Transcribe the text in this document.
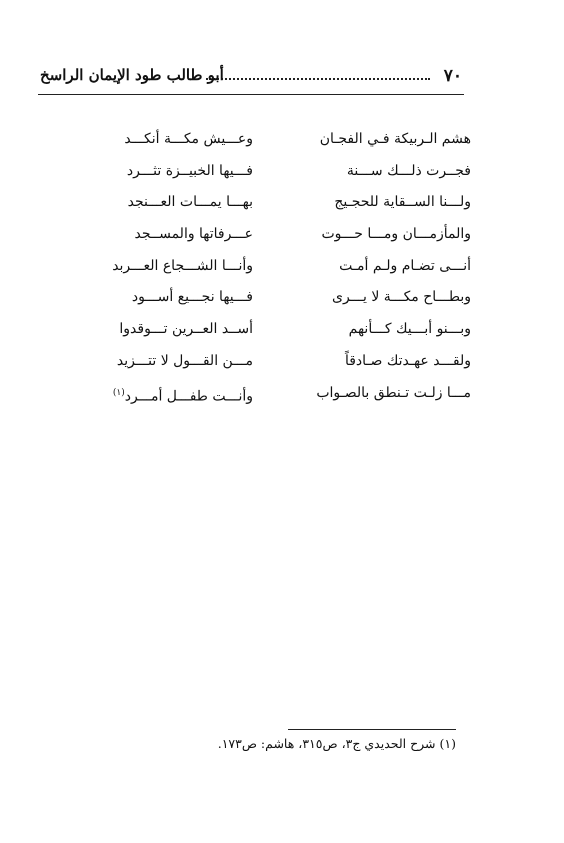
٧٠
أبو طالب طود الإيمان الراسخ
هشم الـربيكة فـي الفجـان
فجــرت ذلـــك ســـنة
ولـــنا الســقاية للحجـيج
والمأزمـــان ومـــا حـــوت
أنـــى تضـام ولـم أمـت
وبطـــاح مكـــة لا يـــرى
وبـــنو أبـــيك كـــأنهم
ولقـــد عهـدتك صـادقاً
مـــا زلـت تـنطق بالصـواب
وعـــيش مكـــة أنكـــد
فـــيها الخبيــزة تثـــرد
بهـــا يمـــات العـــنجد
عـــرفاتها والمســجد
وأنـــا الشـــجاع العـــربد
فـــيها نجـــيع أســـود
أســد العــرين تـــوقدوا
مـــن القـــول لا تتـــزيد
وأنـــت طفـــل أمـــرد$^{(١)}$
(١) شرح الحديدي ج٣، ص٣١٥، هاشم: ص١٧٣.
